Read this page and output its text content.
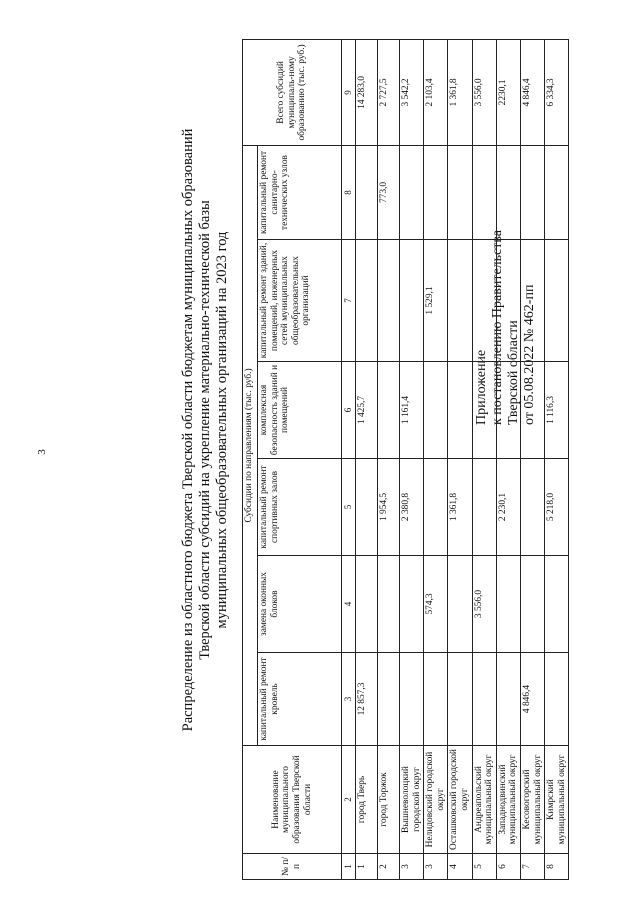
3
Приложение к постановлению Правительства Тверской области от 05.08.2022 № 462-пп
Распределение из областного бюджета Тверской области бюджетам муниципальных образований Тверской области субсидий на укрепление материально-технической базы муниципальных общеобразовательных организаций на 2023 год
№ п/п	Наименование муниципального образования Тверской области	Субсидии по направлениям (тыс. руб.)						Всего субсидий муниципаль-ному образованию (тыс. руб.)
		капитальный ремонт кровель	замена оконных блоков	капитальный ремонт спортивных залов	комплексная безопасность зданий и помещений	капитальный ремонт зданий, помещений, инженерных сетей муниципальных общеобразовательных организаций	капитальный ремонт санитарно-технических узлов	
1	2	3	4	5	6	7	8	9
1	город Тверь	12 857,3			1 425,7			14 283,0
2	город Торжок			1 954,5			773,0	2 727,5
3	Вышневолоцкий городской округ			2 380,8	1 161,4			3 542,2
3	Нелидовский городской округ		574,3			1 529,1		2 103,4
4	Осташковский городской округ			1 361,8				1 361,8
5	Андреапольский муниципальный округ		3 556,0					3 556,0
6	Западнодвинский муниципальный округ			2 230,1				2230,1
7	Кесовогорский муниципальный округ	4 846,4						4 846,4
8	Кимрский муниципальный округ			5 218,0	1 116,3			6 334,3
